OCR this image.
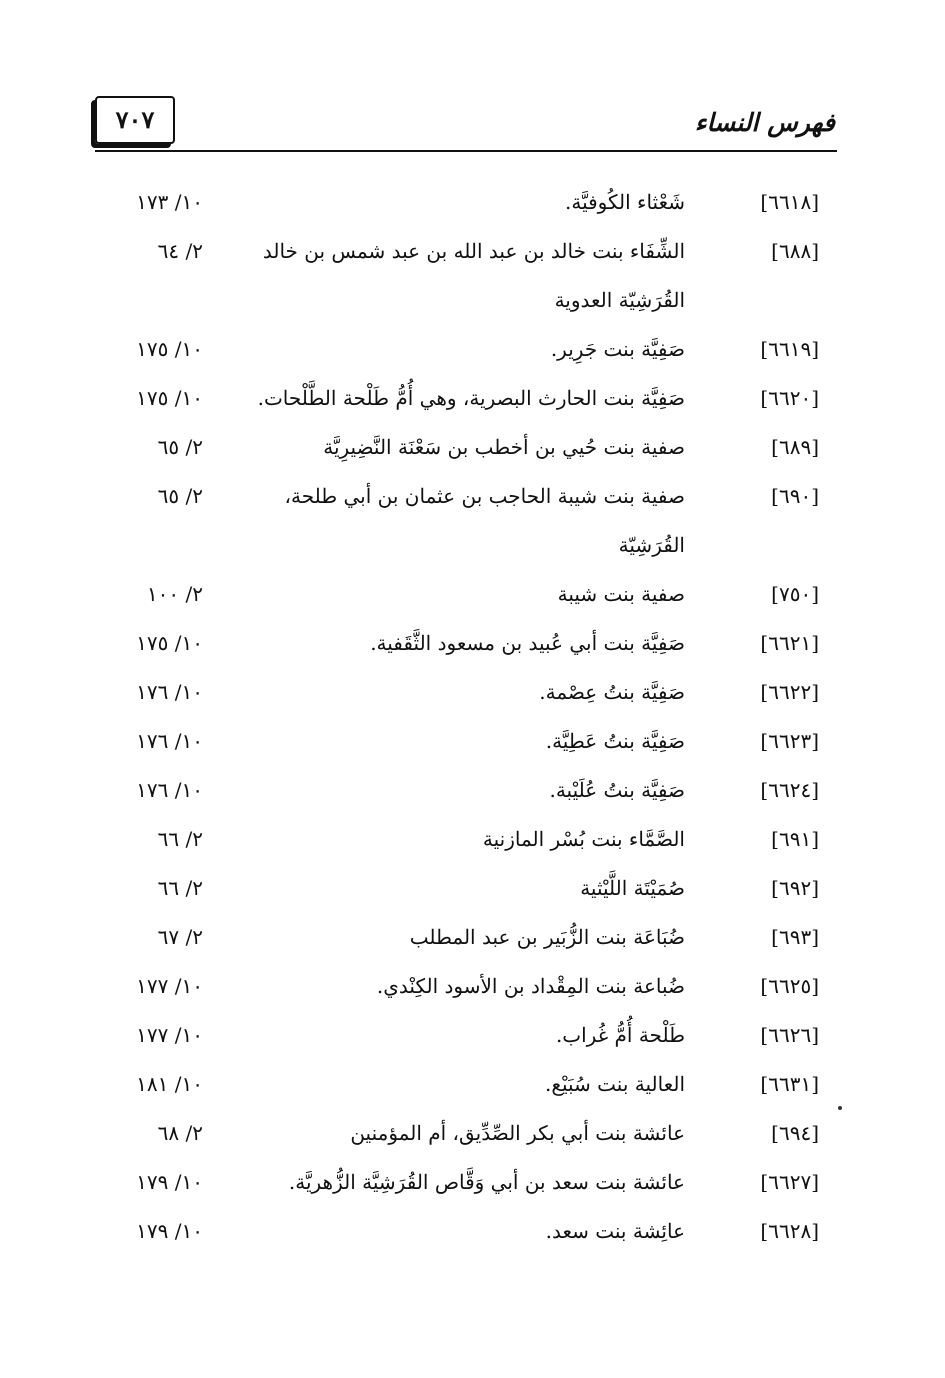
٧٠٧	فهرس النساء
[٦٦١٨]
شَعْثاء الكُوفيَّة.
١٠/ ١٧٣
[٦٨٨]
الشِّفَاء بنت خالد بن عبد الله بن عبد شمس بن خالد
٢/ ٦٤
القُرَشِيّة العدوية
[٦٦١٩]
صَفِيَّة بنت جَرِير.
١٠/ ١٧٥
[٦٦٢٠]
صَفِيَّة بنت الحارث البصرية، وهي أُمُّ طَلْحة الطَّلْحات.
١٠/ ١٧٥
[٦٨٩]
صفية بنت حُيي بن أخطب بن سَعْنَة النَّضِيرِيَّة
٢/ ٦٥
[٦٩٠]
صفية بنت شيبة الحاجب بن عثمان بن أبي طلحة،
٢/ ٦٥
القُرَشِيّة
[٧٥٠]
صفية بنت شيبة
٢/ ١٠٠
[٦٦٢١]
صَفِيَّة بنت أبي عُبيد بن مسعود الثَّقَفية.
١٠/ ١٧٥
[٦٦٢٢]
صَفِيَّة بنتُ عِصْمة.
١٠/ ١٧٦
[٦٦٢٣]
صَفِيَّة بنتُ عَطِيَّة.
١٠/ ١٧٦
[٦٦٢٤]
صَفِيَّة بنتُ عُلَيْبة.
١٠/ ١٧٦
[٦٩١]
الصَّمَّاء بنت بُسْر المازنية
٢/ ٦٦
[٦٩٢]
صُمَيْتَة اللَّيْثية
٢/ ٦٦
[٦٩٣]
ضُبَاعَة بنت الزُّبَير بن عبد المطلب
٢/ ٦٧
[٦٦٢٥]
ضُباعة بنت المِقْداد بن الأسود الكِنْدي.
١٠/ ١٧٧
[٦٦٢٦]
طَلْحة أُمُّ غُراب.
١٠/ ١٧٧
[٦٦٣١]
العالية بنت سُبَيْع.
١٠/ ١٨١
[٦٩٤]
عائشة بنت أبي بكر الصِّدِّيق، أم المؤمنين
٢/ ٦٨
[٦٦٢٧]
عائشة بنت سعد بن أبي وَقَّاص القُرَشِيَّة الزُّهريَّة.
١٠/ ١٧٩
[٦٦٢٨]
عائِشة بنت سعد.
١٠/ ١٧٩
